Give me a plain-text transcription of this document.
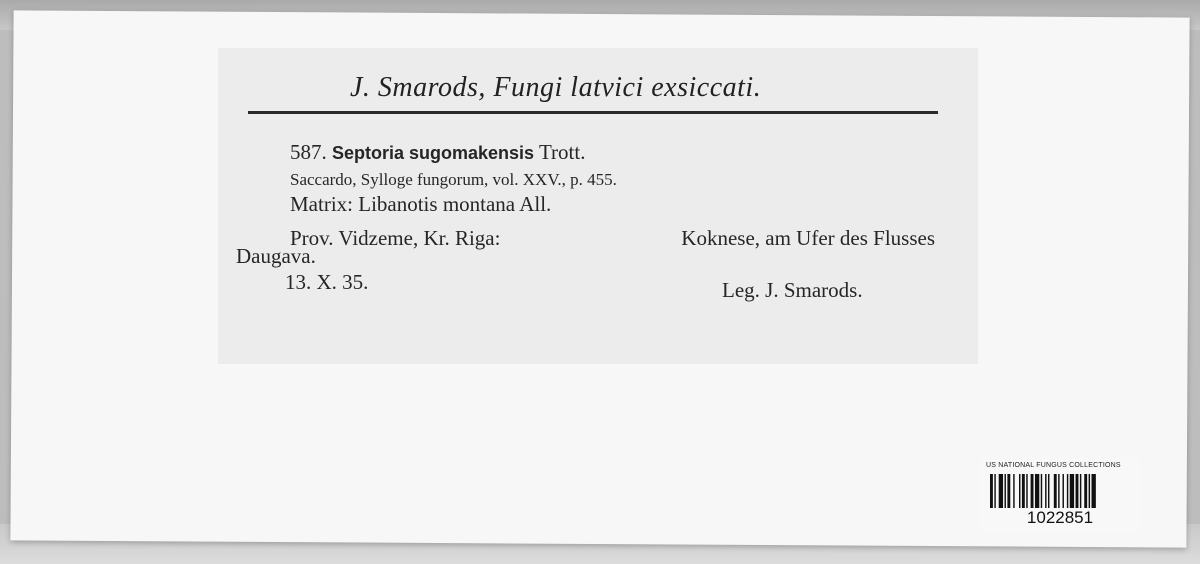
J. Smarods, Fungi latvici exsiccati.
587. Septoria sugomakensis Trott.
Saccardo, Sylloge fungorum, vol. XXV., p. 455.
Matrix: Libanotis montana All.
Prov. Vidzeme, Kr. Riga:	Koknese, am Ufer des Flusses
Daugava.
13. X. 35.	Leg. J. Smarods.
US NATIONAL FUNGUS COLLECTIONS
1022851
